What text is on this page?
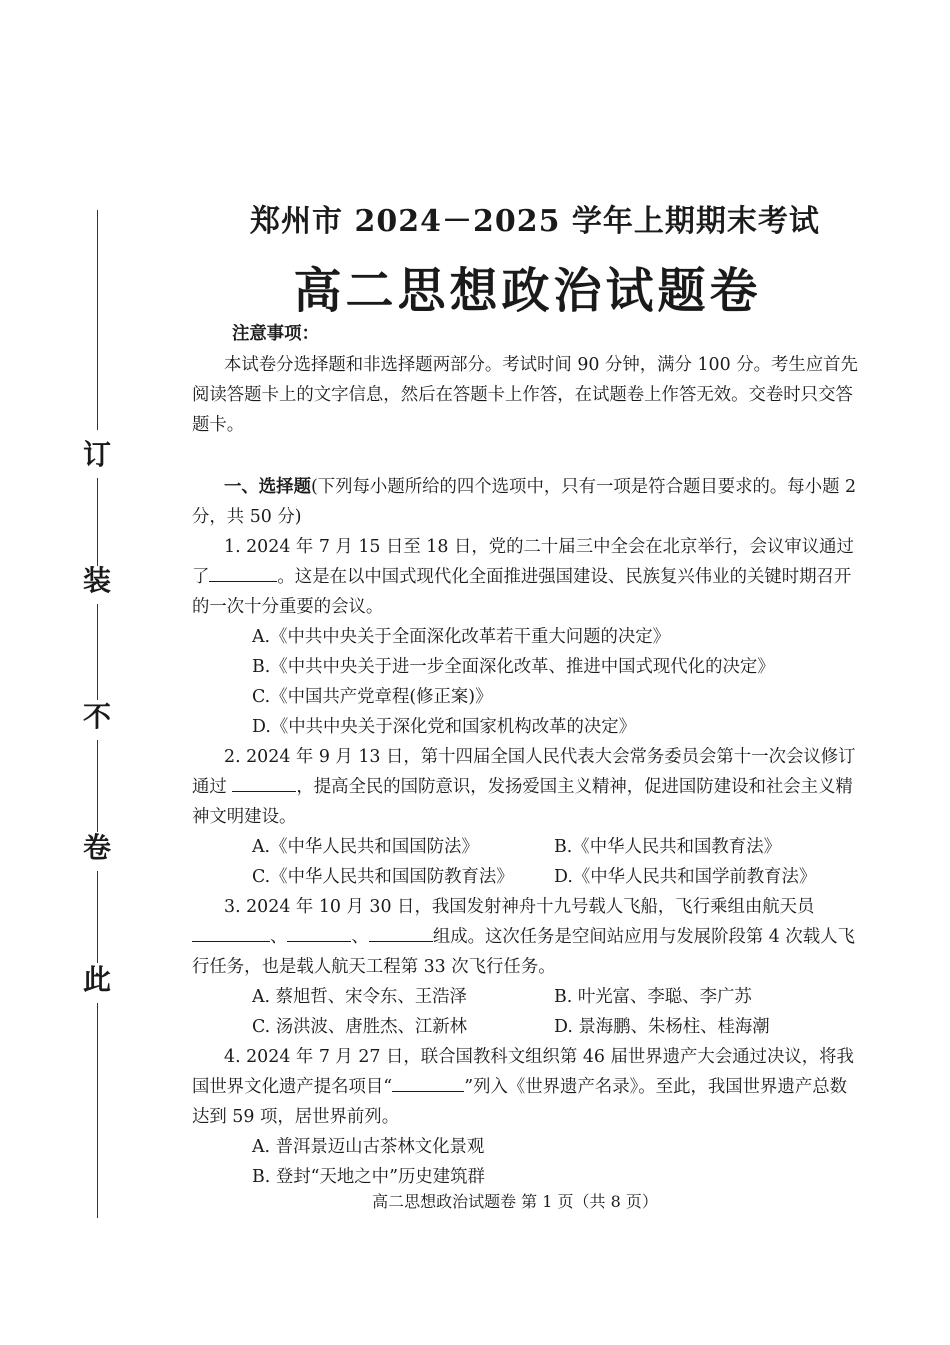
订
装
不
卷
此
郑州市 2024－2025 学年上期期末考试
高二思想政治试题卷

注意事项：

本试卷分选择题和非选择题两部分。考试时间 90 分钟，满分 100 分。考生应首先阅读答题卡上的文字信息，然后在答题卡上作答，在试题卷上作答无效。交卷时只交答题卡。

一、选择题(下列每小题所给的四个选项中，只有一项是符合题目要求的。每小题 2 分，共 50 分)

1. 2024 年 7 月 15 日至 18 日，党的二十届三中全会在北京举行，会议审议通过了	。这是在以中国式现代化全面推进强国建设、民族复兴伟业的关键时期召开的一次十分重要的会议。

A.《中共中央关于全面深化改革若干重大问题的决定》

B.《中共中央关于进一步全面深化改革、推进中国式现代化的决定》

C.《中国共产党章程(修正案)》

D.《中共中央关于深化党和国家机构改革的决定》

2. 2024 年 9 月 13 日，第十四届全国人民代表大会常务委员会第十一次会议修订通过	，提高全民的国防意识，发扬爱国主义精神，促进国防建设和社会主义精神文明建设。

A.《中华人民共和国国防法》	B.《中华人民共和国教育法》
C.《中华人民共和国国防教育法》	D.《中华人民共和国学前教育法》

3. 2024 年 10 月 30 日，我国发射神舟十九号载人飞船，飞行乘组由航天员、	、	组成。这次任务是空间站应用与发展阶段第 4 次载人飞行任务，也是载人航天工程第 33 次飞行任务。

A. 蔡旭哲、宋令东、王浩泽	B. 叶光富、李聪、李广苏
C. 汤洪波、唐胜杰、江新林	D. 景海鹏、朱杨柱、桂海潮

4. 2024 年 7 月 27 日，联合国教科文组织第 46 届世界遗产大会通过决议，将我国世界文化遗产提名项目“	”列入《世界遗产名录》。至此，我国世界遗产总数达到 59 项，居世界前列。

A. 普洱景迈山古茶林文化景观

B. 登封“天地之中”历史建筑群

高二思想政治试题卷 第 1 页（共 8 页）
